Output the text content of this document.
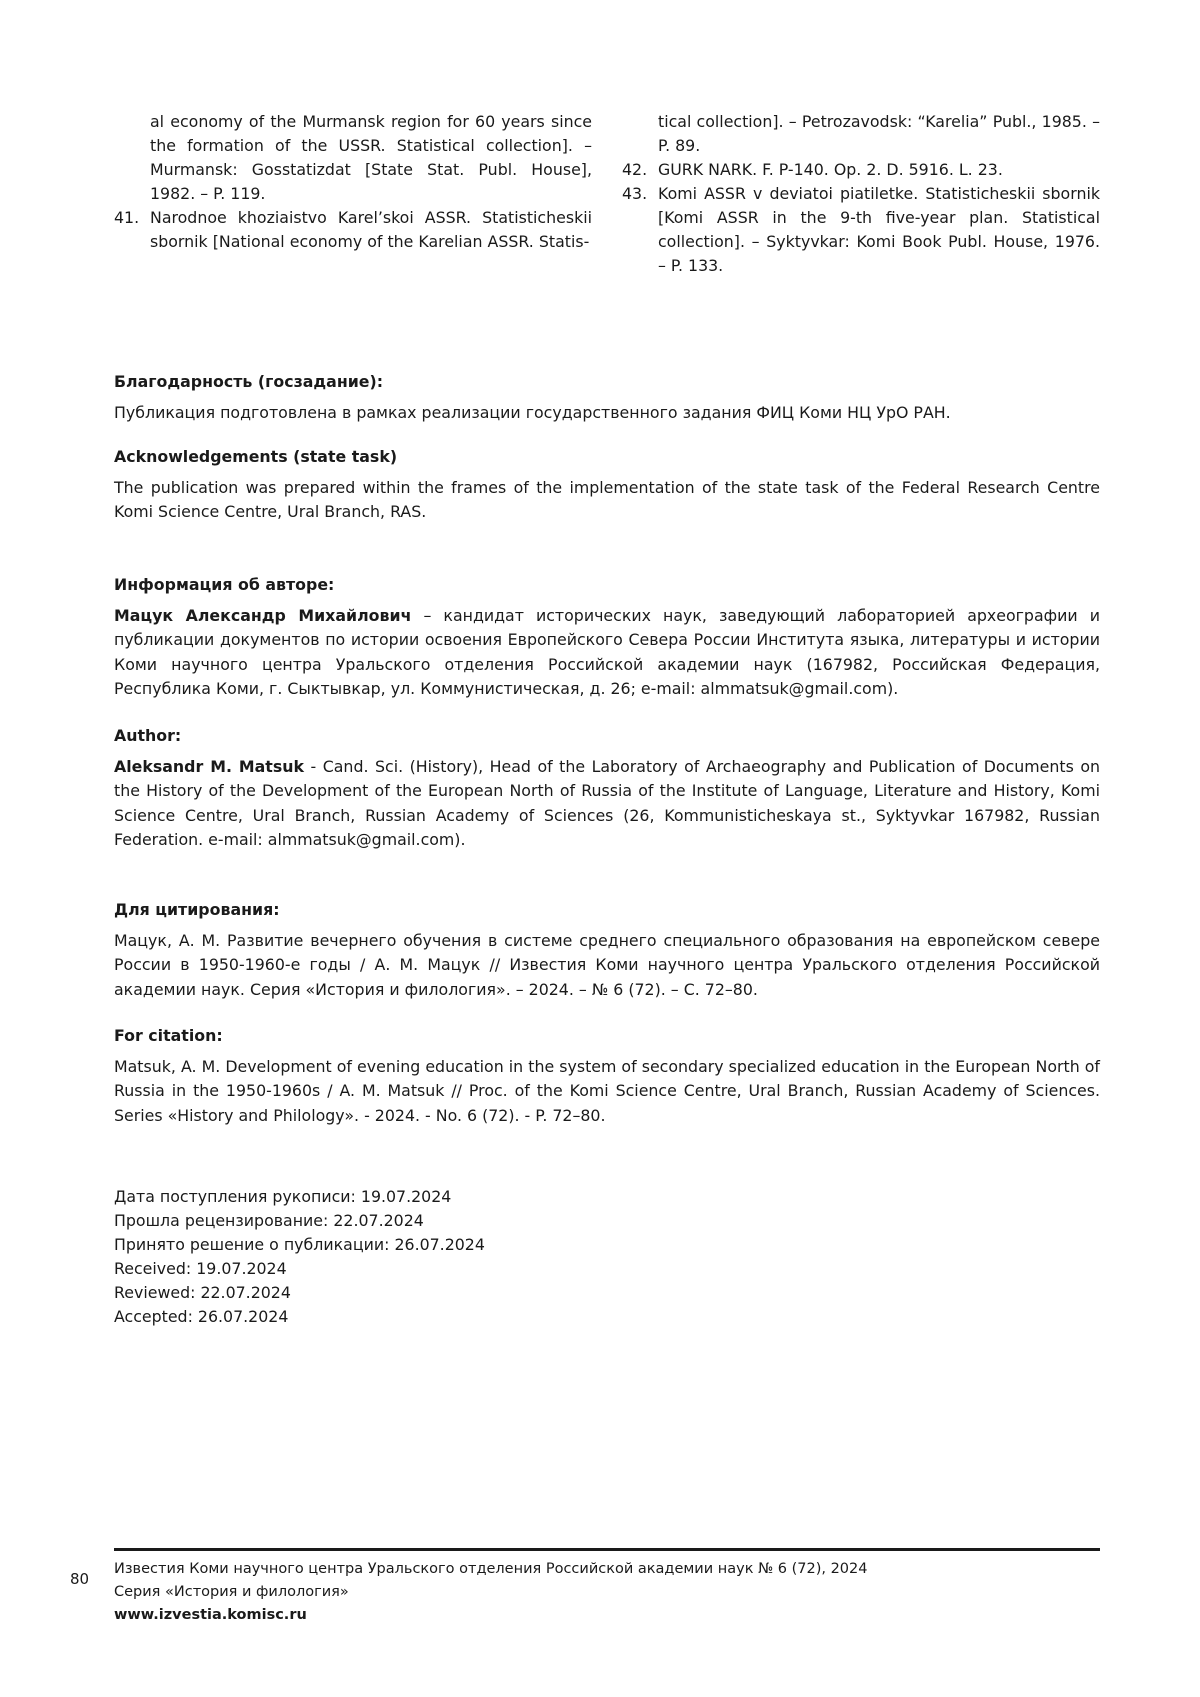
al economy of the Murmansk region for 60 years since the formation of the USSR. Statistical collection]. – Murmansk: Gosstatizdat [State Stat. Publ. House], 1982. – P. 119.
41. Narodnoe khoziaistvo Karel’skoi ASSR. Statisticheskii sbornik [National economy of the Karelian ASSR. Statis-
tical collection]. – Petrozavodsk: “Karelia” Publ., 1985. – P. 89.
42. GURK NARK. F. P-140. Op. 2. D. 5916. L. 23.
43. Komi ASSR v deviatoi piatiletke. Statisticheskii sbornik [Komi ASSR in the 9-th five-year plan. Statistical collection]. – Syktyvkar: Komi Book Publ. House, 1976. – P. 133.
Благодарность (госзадание):

Публикация подготовлена в рамках реализации государственного задания ФИЦ Коми НЦ УрО РАН.

Acknowledgements (state task)

The publication was prepared within the frames of the implementation of the state task of the Federal Research Centre Komi Science Centre, Ural Branch, RAS.

Информация об авторе:

Мацук Александр Михайлович – кандидат исторических наук, заведующий лабораторией археографии и публикации документов по истории освоения Европейского Севера России Института языка, литературы и истории Коми научного центра Уральского отделения Российской академии наук (167982, Российская Федерация, Республика Коми, г. Сыктывкар, ул. Коммунистическая, д. 26; e-mail: almmatsuk@gmail.com).

Author:

Aleksandr M. Matsuk - Cand. Sci. (History), Head of the Laboratory of Archaeography and Publication of Documents on the History of the Development of the European North of Russia of the Institute of Language, Literature and History, Komi Science Centre, Ural Branch, Russian Academy of Sciences (26, Kommunisticheskaya st., Syktyvkar 167982, Russian Federation. e-mail: almmatsuk@gmail.com).

Для цитирования:

Мацук, А. М. Развитие вечернего обучения в системе среднего специального образования на европейском севере России в 1950-1960-е годы / А. М. Мацук // Известия Коми научного центра Уральского отделения Российской академии наук. Серия «История и филология». – 2024. – № 6 (72). – С. 72–80.

For citation:

Matsuk, A. M. Development of evening education in the system of secondary specialized education in the European North of Russia in the 1950-1960s / A. M. Matsuk // Proc. of the Komi Science Centre, Ural Branch, Russian Academy of Sciences. Series «History and Philology». - 2024. - No. 6 (72). - P. 72–80.

Дата поступления рукописи: 19.07.2024
Прошла рецензирование: 22.07.2024
Принято решение о публикации: 26.07.2024
Received: 19.07.2024
Reviewed: 22.07.2024
Accepted: 26.07.2024
80
Известия Коми научного центра Уральского отделения Российской академии наук № 6 (72), 2024
Серия «История и филология»
www.izvestia.komisc.ru
